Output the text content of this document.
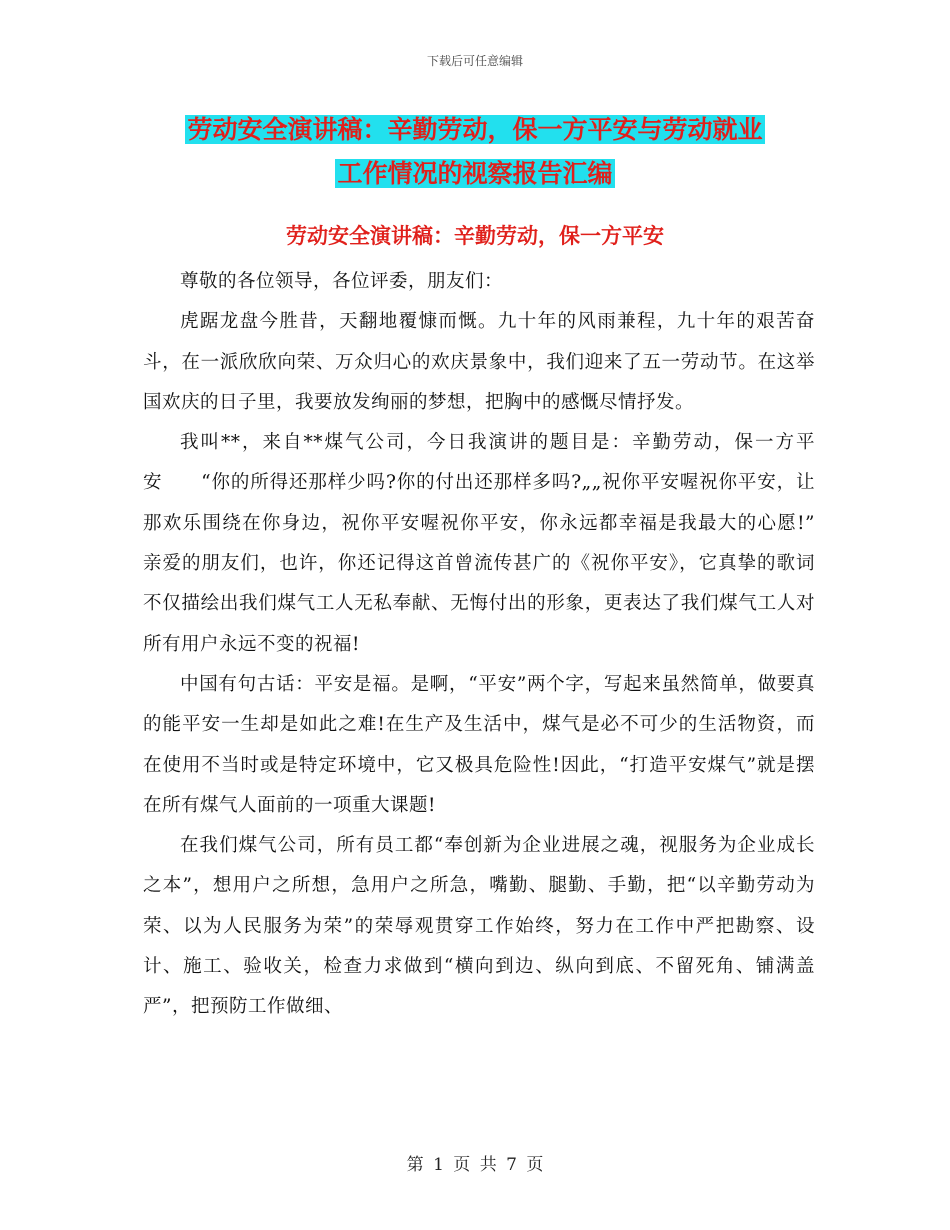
下载后可任意编辑
劳动安全演讲稿：辛勤劳动，保一方平安与劳动就业
工作情况的视察报告汇编
劳动安全演讲稿：辛勤劳动，保一方平安

尊敬的各位领导，各位评委，朋友们：

虎踞龙盘今胜昔，天翻地覆慷而慨。九十年的风雨兼程，九十年的艰苦奋斗，在一派欣欣向荣、万众归心的欢庆景象中，我们迎来了五一劳动节。在这举国欢庆的日子里，我要放发绚丽的梦想，把胸中的感慨尽情抒发。

我叫**，来自**煤气公司，今日我演讲的题目是：辛勤劳动，保一方平安　　“你的所得还那样少吗?你的付出还那样多吗?„„祝你平安喔祝你平安，让那欢乐围绕在你身边，祝你平安喔祝你平安，你永远都幸福是我最大的心愿!”　　亲爱的朋友们，也许，你还记得这首曾流传甚广的《祝你平安》，它真挚的歌词不仅描绘出我们煤气工人无私奉献、无悔付出的形象，更表达了我们煤气工人对所有用户永远不变的祝福!

中国有句古话：平安是福。是啊，“平安”两个字，写起来虽然简单，做要真的能平安一生却是如此之难!在生产及生活中，煤气是必不可少的生活物资，而在使用不当时或是特定环境中，它又极具危险性!因此，“打造平安煤气”就是摆在所有煤气人面前的一项重大课题!

在我们煤气公司，所有员工都“奉创新为企业进展之魂，视服务为企业成长之本”，想用户之所想，急用户之所急，嘴勤、腿勤、手勤，把“以辛勤劳动为荣、以为人民服务为荣”的荣辱观贯穿工作始终，努力在工作中严把勘察、设计、施工、验收关，检查力求做到“横向到边、纵向到底、不留死角、铺满盖严”，把预防工作做细、

第 1 页 共 7 页
